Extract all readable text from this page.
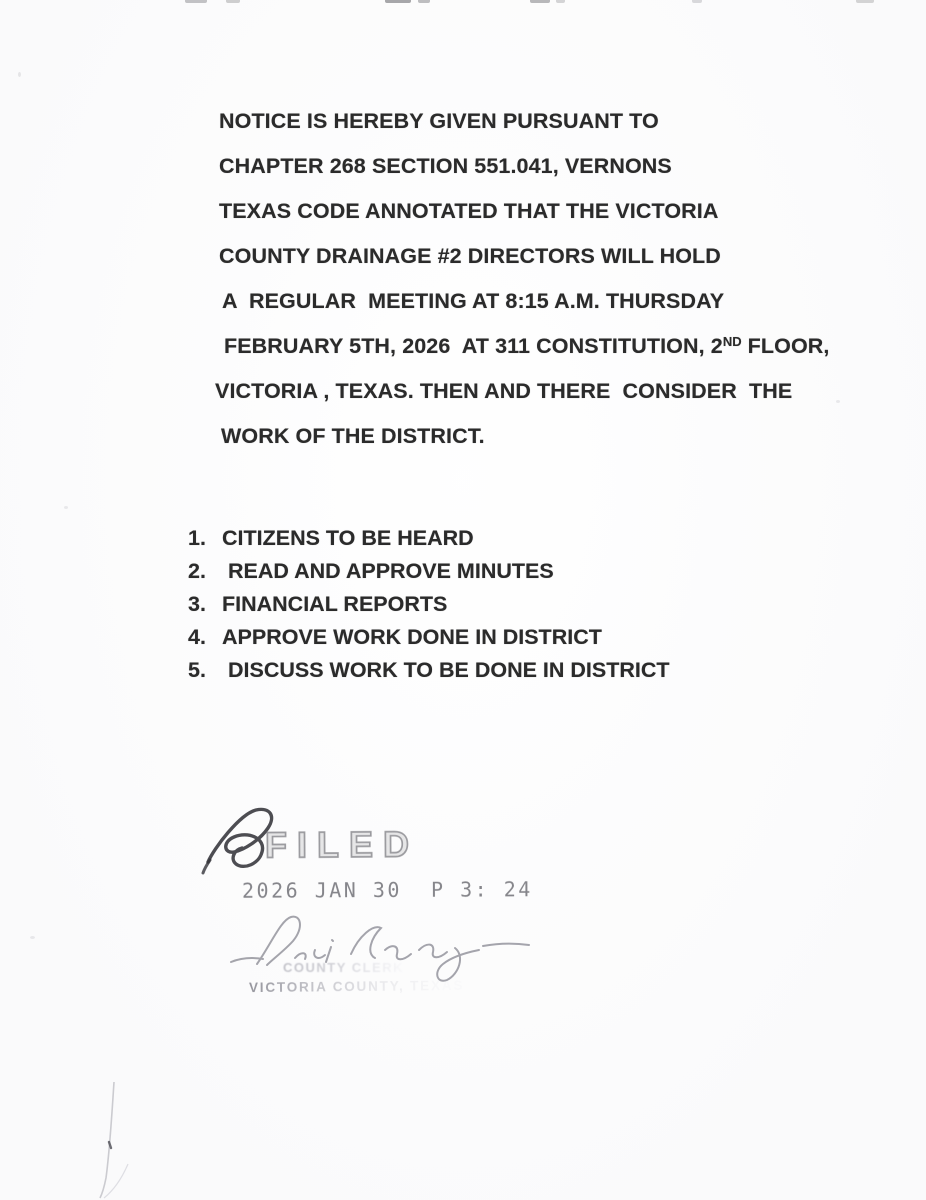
NOTICE IS HEREBY GIVEN PURSUANT TO
CHAPTER 268 SECTION 551.041, VERNONS
TEXAS CODE ANNOTATED THAT THE VICTORIA
COUNTY DRAINAGE #2 DIRECTORS WILL HOLD
A  REGULAR  MEETING AT 8:15 A.M. THURSDAY
FEBRUARY 5TH, 2026  AT 311 CONSTITUTION, 2ND FLOOR,
VICTORIA , TEXAS. THEN AND THERE  CONSIDER  THE
WORK OF THE DISTRICT.
1. CITIZENS TO BE HEARD
2. READ AND APPROVE MINUTES
3. FINANCIAL REPORTS
4. APPROVE WORK DONE IN DISTRICT
5. DISCUSS WORK TO BE DONE IN DISTRICT
FILED
2026 JAN 30  P 3: 24
COUNTY CLERK
VICTORIA COUNTY, TEXAS
